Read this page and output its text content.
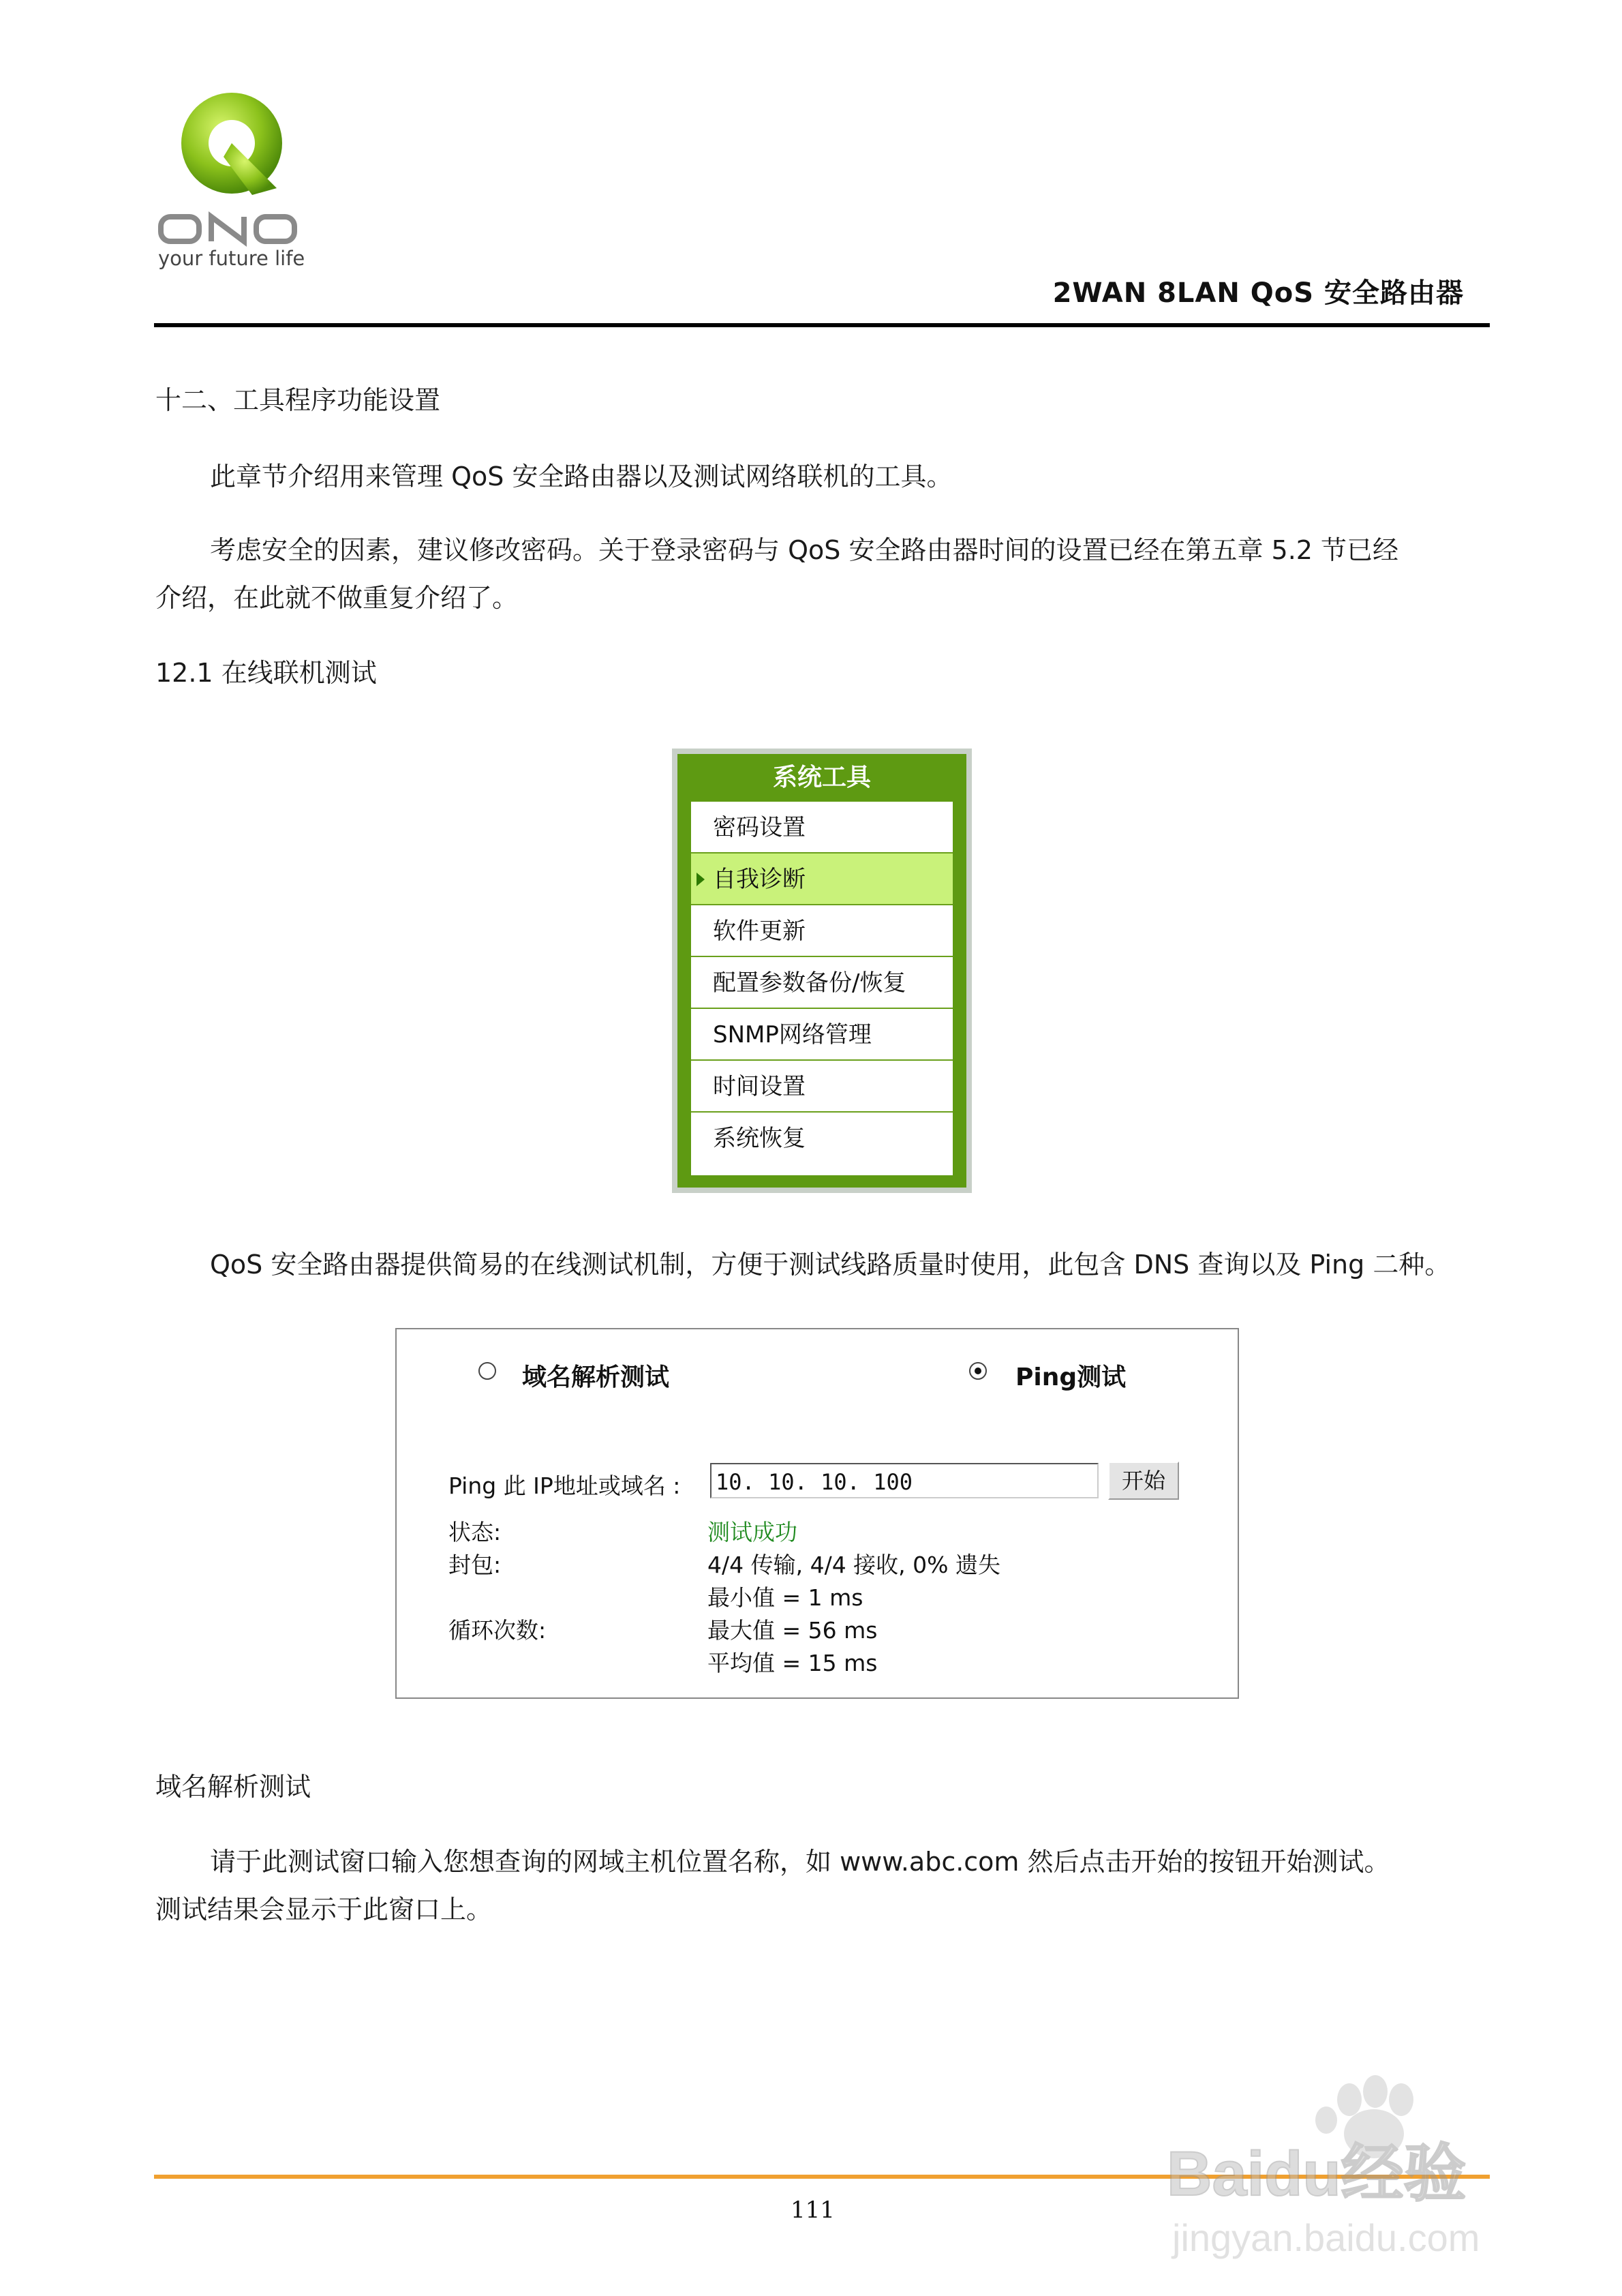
your future life
2WAN 8LAN QoS 安全路由器
十二、工具程序功能设置
此章节介绍用来管理 QoS 安全路由器以及测试网络联机的工具。
考虑安全的因素，建议修改密码。关于登录密码与 QoS 安全路由器时间的设置已经在第五章 5.2 节已经
介绍，在此就不做重复介绍了。
12.1 在线联机测试
系统工具
密码设置
自我诊断
软件更新
配置参数备份/恢复
SNMP网络管理
时间设置
系统恢复
QoS 安全路由器提供简易的在线测试机制，方便于测试线路质量时使用，此包含 DNS 查询以及 Ping 二种。
域名解析测试	Ping测试
Ping 此 IP地址或域名 : 10. 10. 10. 100	开始
状态:	测试成功
封包:	4/4 传输, 4/4 接收, 0% 遗失
最小值 = 1 ms
循环次数:	最大值 = 56 ms
平均值 = 15 ms
域名解析测试
请于此测试窗口输入您想查询的网域主机位置名称，如 www.abc.com 然后点击开始的按钮开始测试。
测试结果会显示于此窗口上。
Baidu经验
jingyan.baidu.com
111
